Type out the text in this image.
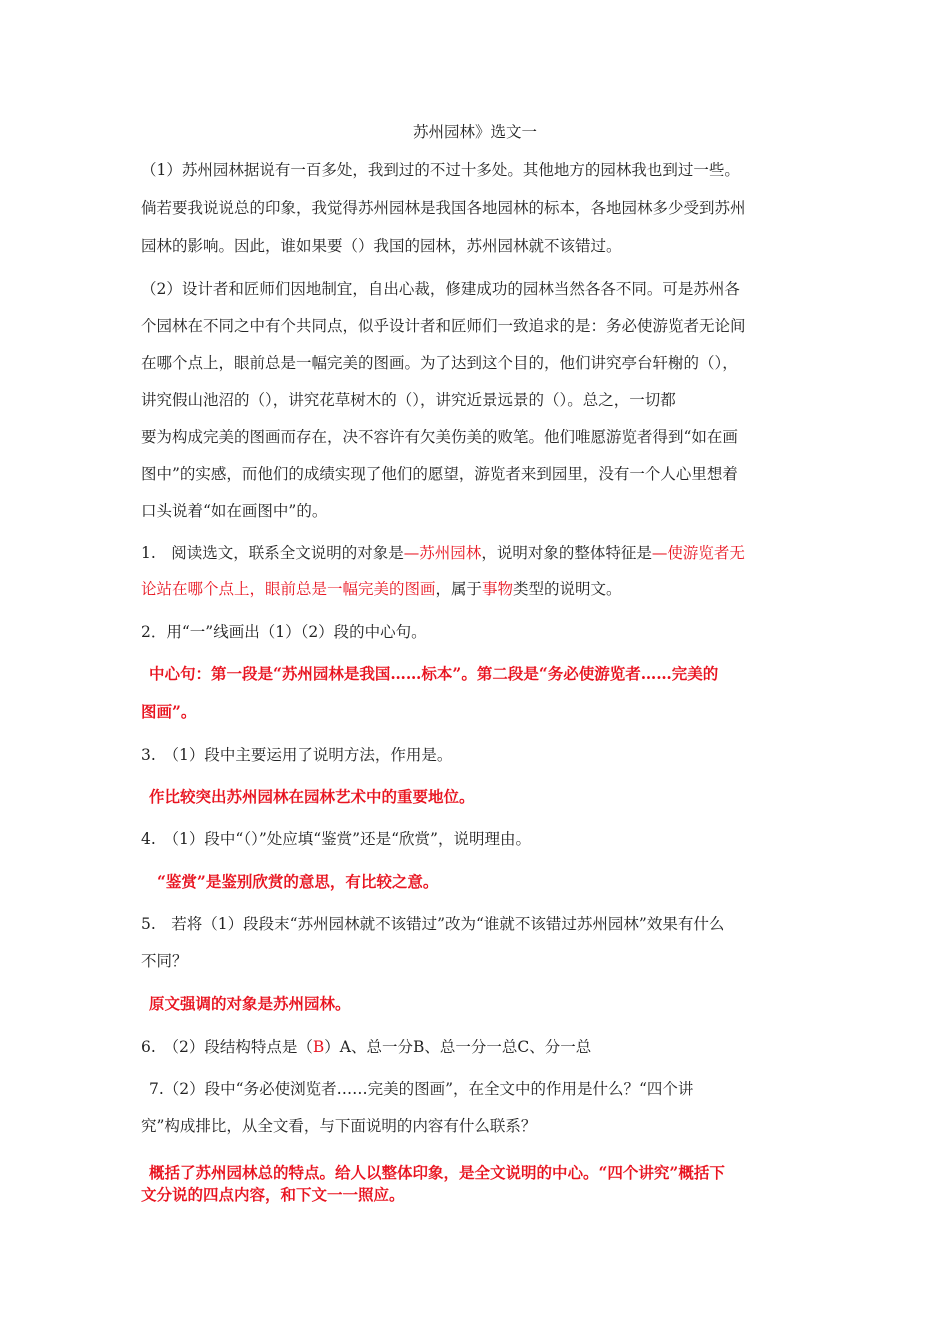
苏州园林》选文一
（1）苏州园林据说有一百多处，我到过的不过十多处。其他地方的园林我也到过一些。
倘若要我说说总的印象，我觉得苏州园林是我国各地园林的标本，各地园林多少受到苏州
园林的影响。因此，谁如果要（）我国的园林，苏州园林就不该错过。
（2）设计者和匠师们因地制宜，自出心裁，修建成功的园林当然各各不同。可是苏州各
个园林在不同之中有个共同点，似乎设计者和匠师们一致追求的是：务必使游览者无论间
在哪个点上，眼前总是一幅完美的图画。为了达到这个目的，他们讲究亭台轩榭的（），
讲究假山池沼的（），讲究花草树木的（），讲究近景远景的（）。总之，一切都
要为构成完美的图画而存在，决不容许有欠美伤美的败笔。他们唯愿游览者得到“如在画
图中”的实感，而他们的成绩实现了他们的愿望，游览者来到园里，没有一个人心里想着
口头说着“如在画图中”的。
1.　阅读选文，联系全文说明的对象是—苏州园林，说明对象的整体特征是—使游览者无
论站在哪个点上，眼前总是一幅完美的图画，属于事物类型的说明文。
2．用“一”线画出（1）（2）段的中心句。
中心句：第一段是“苏州园林是我国……标本”。第二段是“务必使游览者……完美的
图画”。
3.　（1）段中主要运用了说明方法，作用是。
作比较突出苏州园林在园林艺术中的重要地位。
4.　（1）段中“（）”处应填“鉴赏”还是“欣赏”，说明理由。
“鉴赏”是鉴别欣赏的意思，有比较之意。
5.　若将（1）段段末“苏州园林就不该错过”改为“谁就不该错过苏州园林”效果有什么
不同？
原文强调的对象是苏州园林。
6.　（2）段结构特点是（B）A、总一分B、总一分一总C、分一总
7.（2）段中“务必使浏览者……完美的图画”，在全文中的作用是什么？“四个讲
究”构成排比，从全文看，与下面说明的内容有什么联系？
概括了苏州园林总的特点。给人以整体印象，是全文说明的中心。“四个讲究”概括下
文分说的四点内容，和下文一一照应。
